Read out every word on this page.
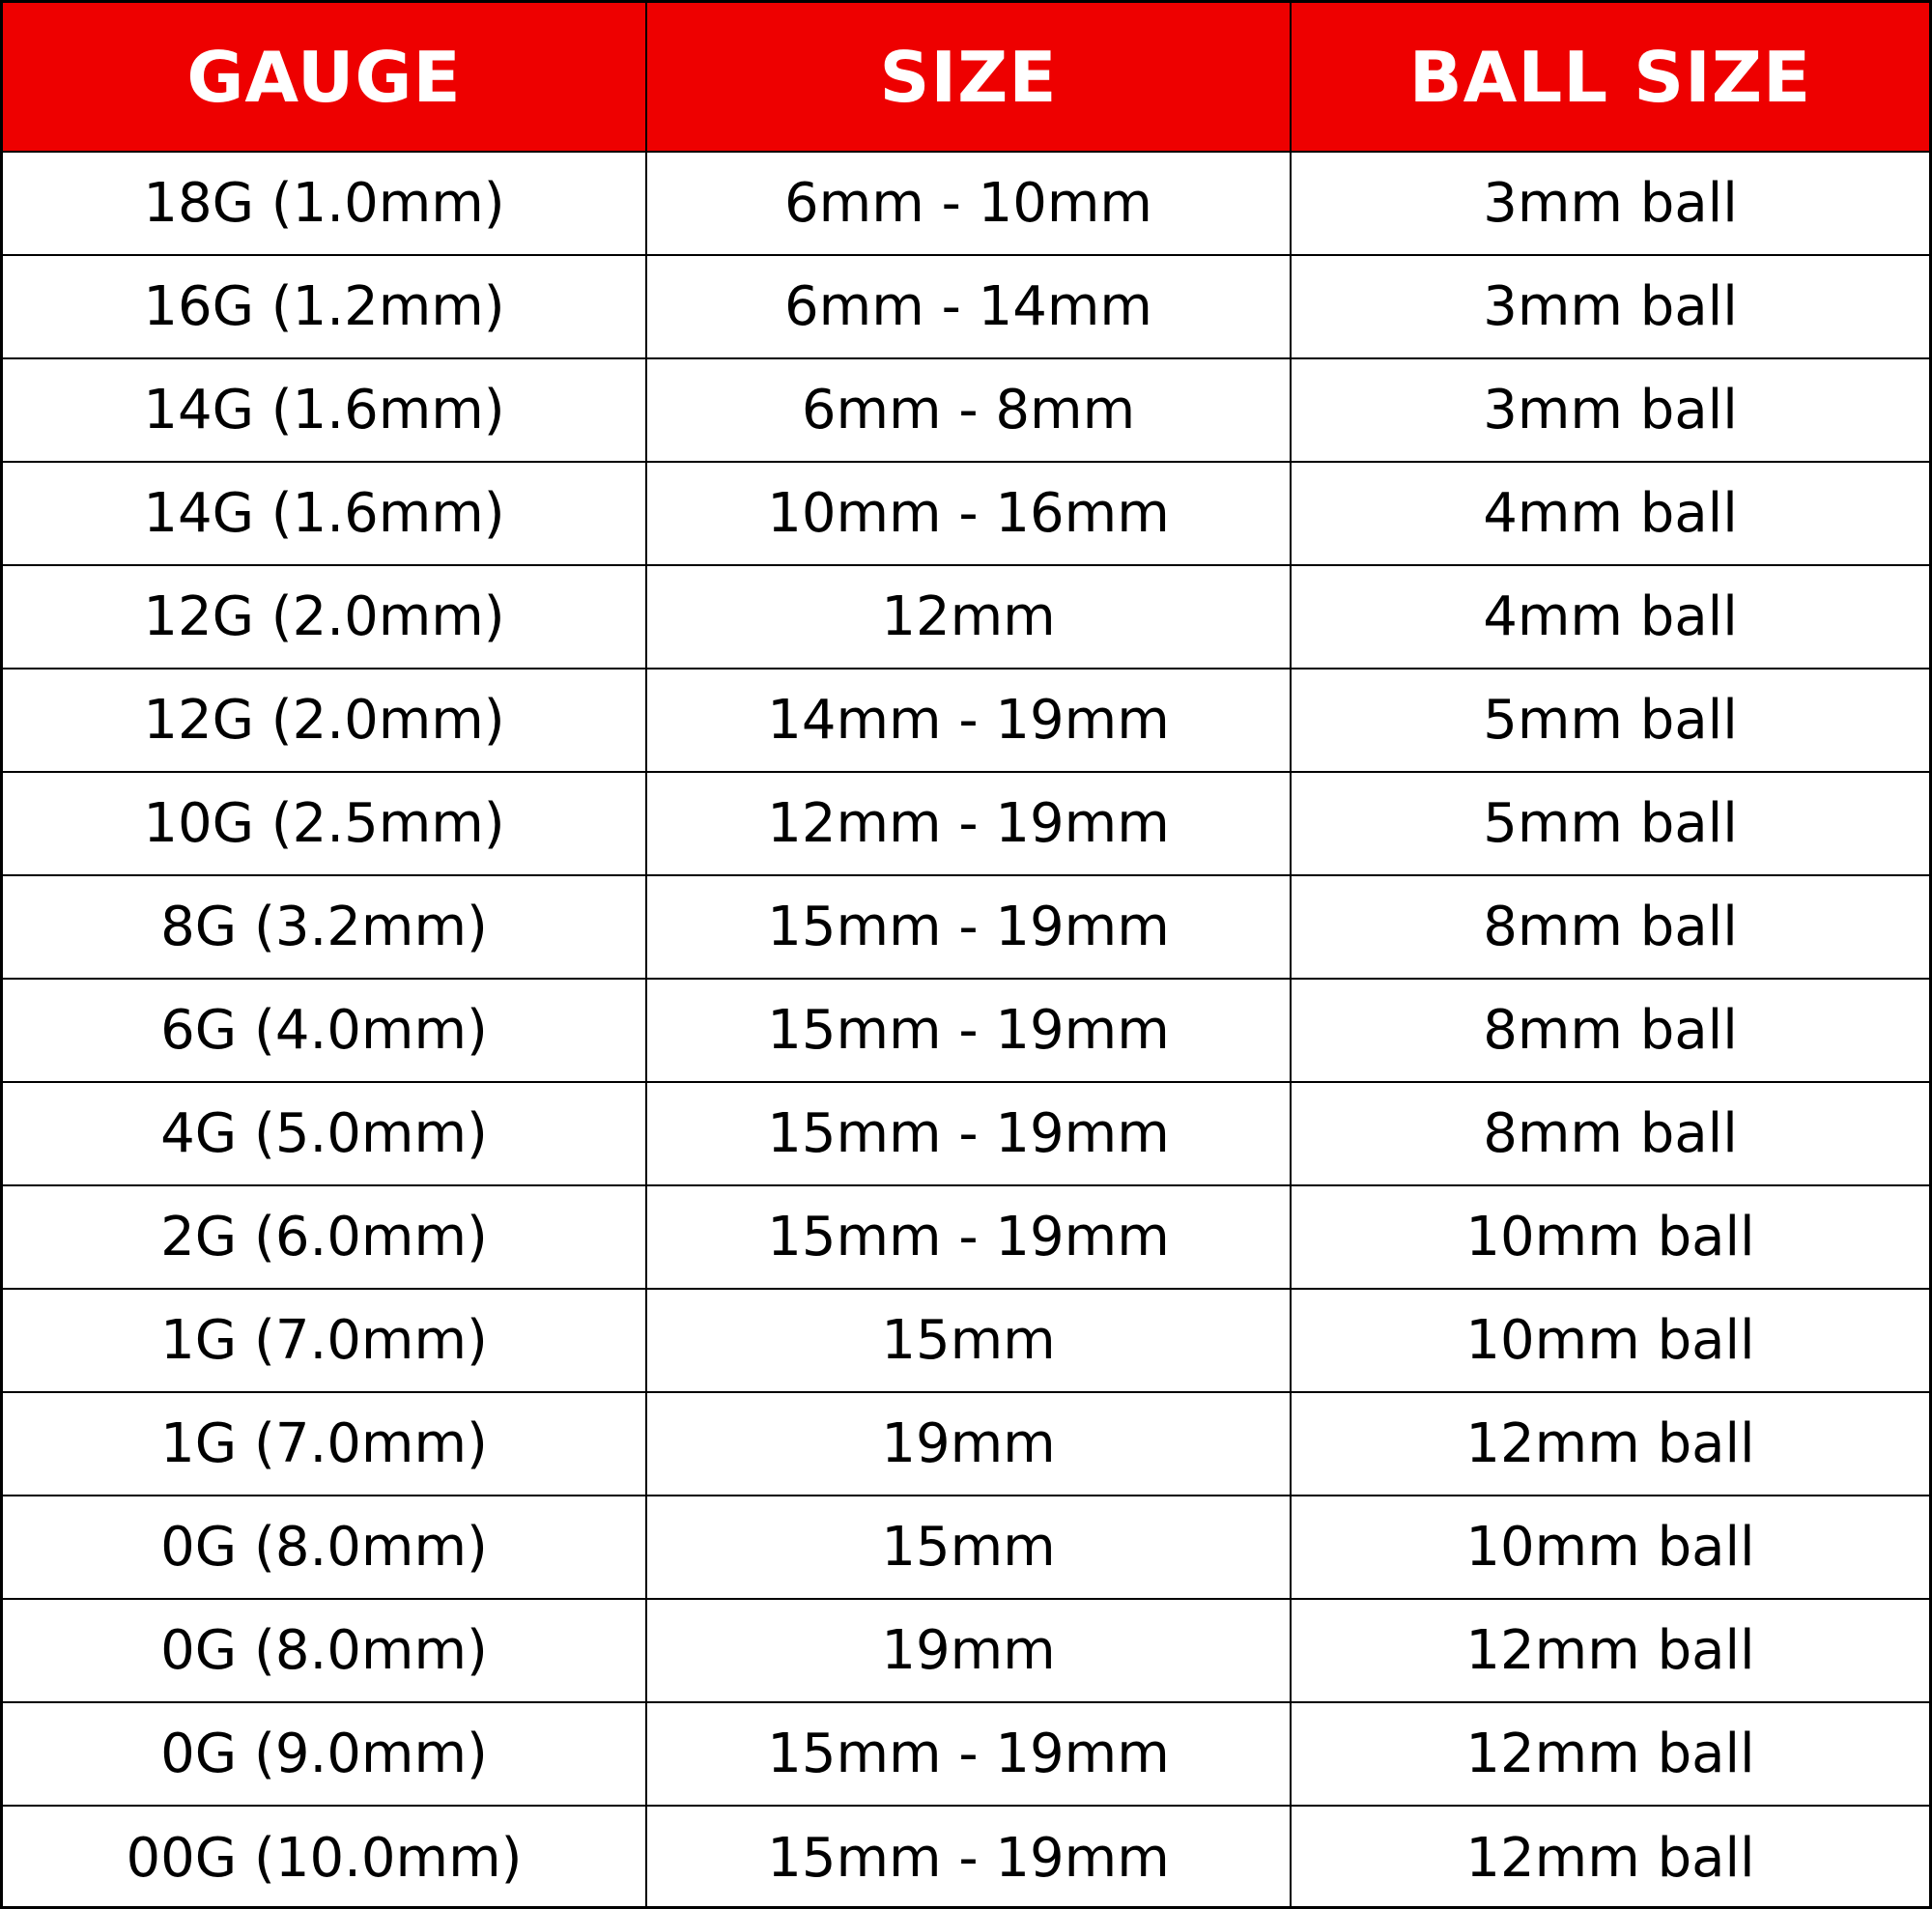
GAUGE	SIZE	BALL SIZE
18G (1.0mm)	6mm - 10mm	3mm ball
16G (1.2mm)	6mm - 14mm	3mm ball
14G (1.6mm)	6mm - 8mm	3mm ball
14G (1.6mm)	10mm - 16mm	4mm ball
12G (2.0mm)	12mm	4mm ball
12G (2.0mm)	14mm - 19mm	5mm ball
10G (2.5mm)	12mm - 19mm	5mm ball
8G (3.2mm)	15mm - 19mm	8mm ball
6G (4.0mm)	15mm - 19mm	8mm ball
4G (5.0mm)	15mm - 19mm	8mm ball
2G (6.0mm)	15mm - 19mm	10mm ball
1G (7.0mm)	15mm	10mm ball
1G (7.0mm)	19mm	12mm ball
0G (8.0mm)	15mm	10mm ball
0G (8.0mm)	19mm	12mm ball
0G (9.0mm)	15mm - 19mm	12mm ball
00G (10.0mm)	15mm - 19mm	12mm ball
